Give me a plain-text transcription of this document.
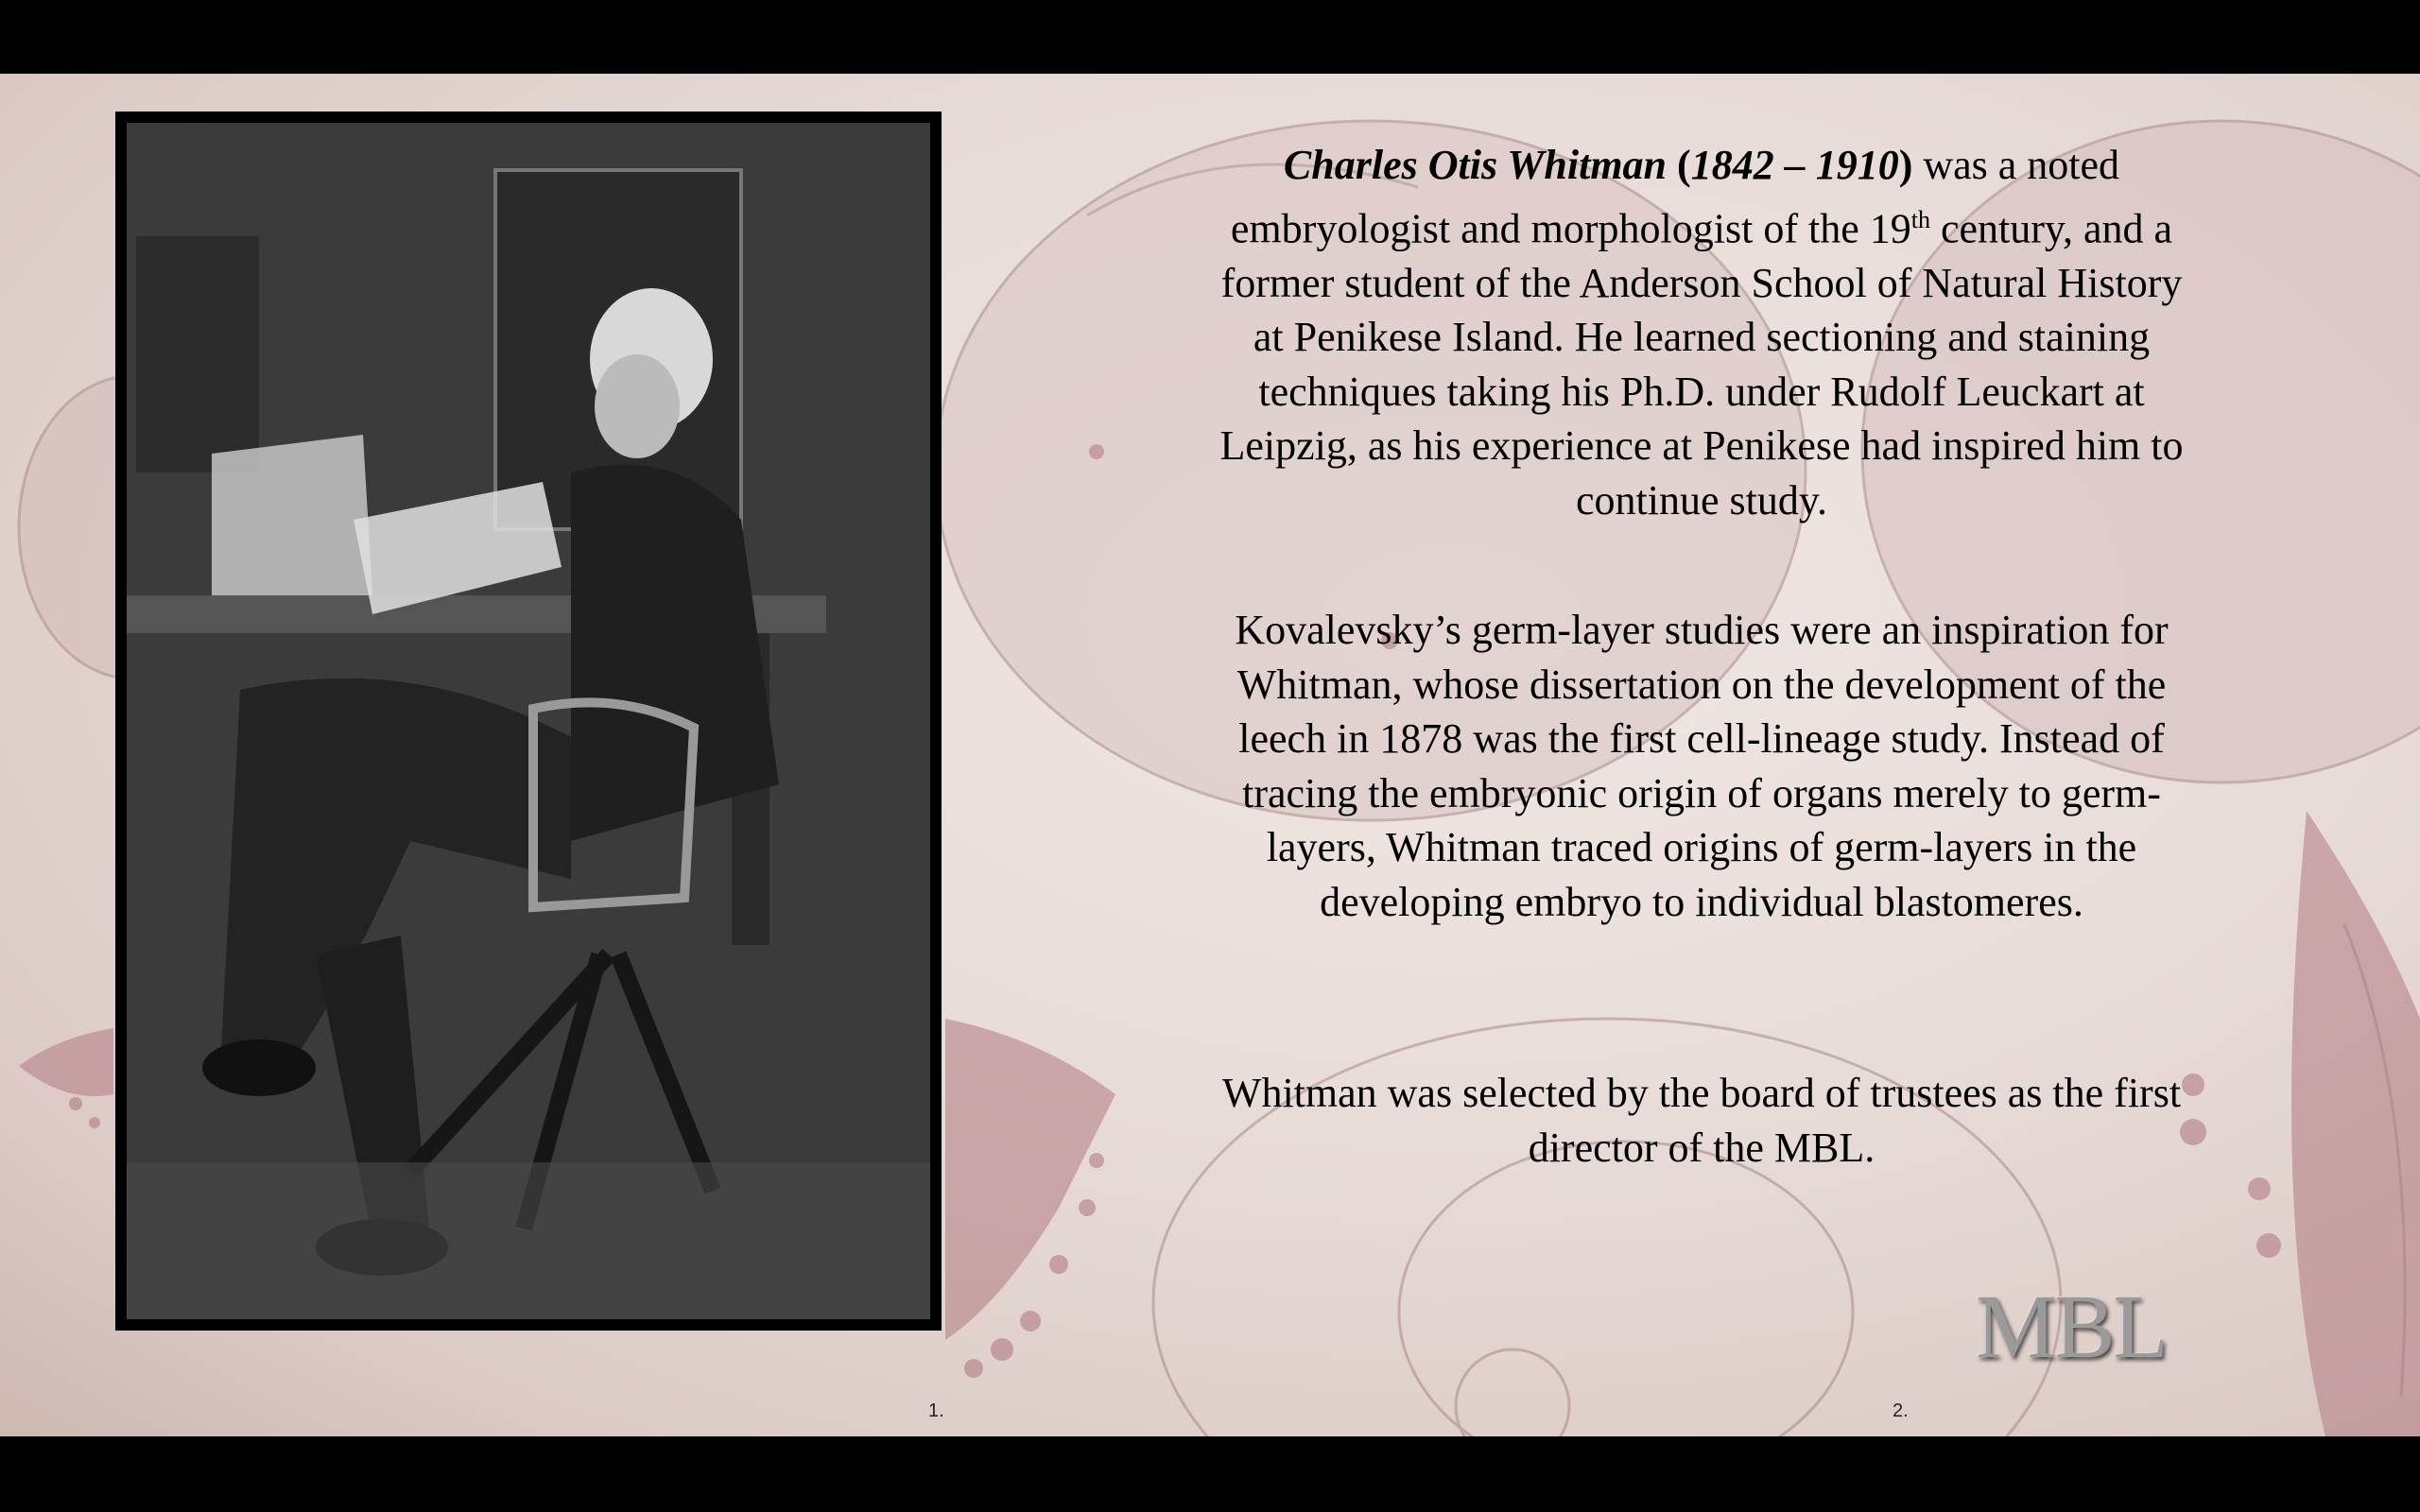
Charles Otis Whitman (1842 – 1910) was a noted embryologist and morphologist of the 19th century, and a former student of the Anderson School of Natural History at Penikese Island. He learned sectioning and staining techniques taking his Ph.D. under Rudolf Leuckart at Leipzig, as his experience at Penikese had inspired him to continue study.

Kovalevsky’s germ-layer studies were an inspiration for Whitman, whose dissertation on the development of the leech in 1878 was the first cell-lineage study. Instead of tracing the embryonic origin of organs merely to germ-layers, Whitman traced origins of germ-layers in the developing embryo to individual blastomeres.

Whitman was selected by the board of trustees as the first director of the MBL.

MBL
1.	2.
